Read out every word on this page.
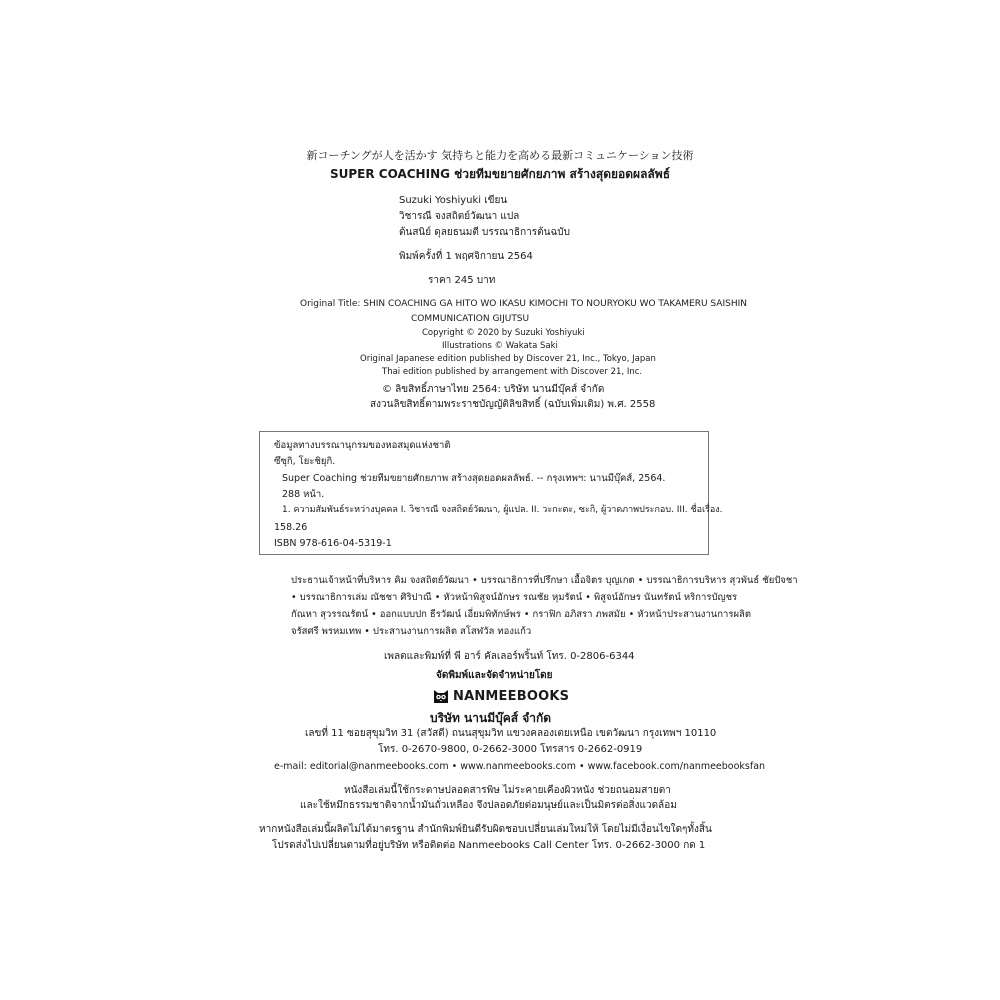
新コーチングが人を活かす 気持ちと能力を高める最新コミュニケーション技術
SUPER COACHING ช่วยทีมขยายศักยภาพ สร้างสุดยอดผลลัพธ์
Suzuki Yoshiyuki เขียน
วิชารณี จงสถิตย์วัฒนา แปล
ต้นสนิย์ ดุลยธนมตี บรรณาธิการต้นฉบับ
พิมพ์ครั้งที่ 1 พฤศจิกายน 2564
ราคา 245 บาท
Original Title: SHIN COACHING GA HITO WO IKASU KIMOCHI TO NOURYOKU WO TAKAMERU SAISHIN
COMMUNICATION GIJUTSU
Copyright © 2020 by Suzuki Yoshiyuki
Illustrations © Wakata Saki
Original Japanese edition published by Discover 21, Inc., Tokyo, Japan
Thai edition published by arrangement with Discover 21, Inc.
© ลิขสิทธิ์ภาษาไทย 2564: บริษัท นานมีบุ๊คส์ จำกัด
สงวนลิขสิทธิ์ตามพระราชบัญญัติลิขสิทธิ์ (ฉบับเพิ่มเติม) พ.ศ. 2558
ข้อมูลทางบรรณานุกรมของหอสมุดแห่งชาติ
ซึซุกิ, โยะชิยุกิ.
Super Coaching ช่วยทีมขยายศักยภาพ สร้างสุดยอดผลลัพธ์. -- กรุงเทพฯ: นานมีบุ๊คส์, 2564.
288 หน้า.
1. ความสัมพันธ์ระหว่างบุคคล I. วิชารณี จงสถิตย์วัฒนา, ผู้แปล. II. วะกะตะ, ซะกิ, ผู้วาดภาพประกอบ. III. ชื่อเรื่อง.
158.26
ISBN 978-616-04-5319-1
ประธานเจ้าหน้าที่บริหาร คิม จงสถิตย์วัฒนา • บรรณาธิการที่ปรึกษา เอื้อจิตร บุญเกต • บรรณาธิการบริหาร สุวพันธ์ ชัยปัจชา
• บรรณาธิการเล่ม ณัชชา ศิริปาณี • หัวหน้าพิสูจน์อักษร รณชัย หุมรัตน์ • พิสูจน์อักษร นันทรัตน์ หริการบัญชร
กัณหา สุวรรณรัตน์ • ออกแบบปก ธีรวัฒน์ เอี่ยมพิทักษ์พร • กราฟิก อภิสรา ภพสมัย • หัวหน้าประสานงานการผลิต
จรัสศรี พรหมเทพ • ประสานงานการผลิต สโสฬวัล ทองแก้ว
เพลตและพิมพ์ที่ พี อาร์ คัลเลอร์พริ้นท์ โทร. 0-2806-6344
จัดพิมพ์และจัดจำหน่ายโดย
NANMEEBOOKS
บริษัท นานมีบุ๊คส์ จำกัด
เลขที่ 11 ซอยสุขุมวิท 31 (สวัสดี) ถนนสุขุมวิท แขวงคลองเตยเหนือ เขตวัฒนา กรุงเทพฯ 10110
โทร. 0-2670-9800, 0-2662-3000 โทรสาร 0-2662-0919
e-mail: editorial@nanmeebooks.com • www.nanmeebooks.com • www.facebook.com/nanmeebooksfan
หนังสือเล่มนี้ใช้กระดาษปลอดสารพิษ ไม่ระคายเคืองผิวหนัง ช่วยถนอมสายตา
และใช้หมึกธรรมชาติจากน้ำมันถั่วเหลือง จึงปลอดภัยต่อมนุษย์และเป็นมิตรต่อสิ่งแวดล้อม
หากหนังสือเล่มนี้ผลิตไม่ได้มาตรฐาน สำนักพิมพ์ยินดีรับผิดชอบเปลี่ยนเล่มใหม่ให้ โดยไม่มีเงื่อนไขใดๆทั้งสิ้น
โปรดส่งไปเปลี่ยนตามที่อยู่บริษัท หรือติดต่อ Nanmeebooks Call Center โทร. 0-2662-3000 กด 1
